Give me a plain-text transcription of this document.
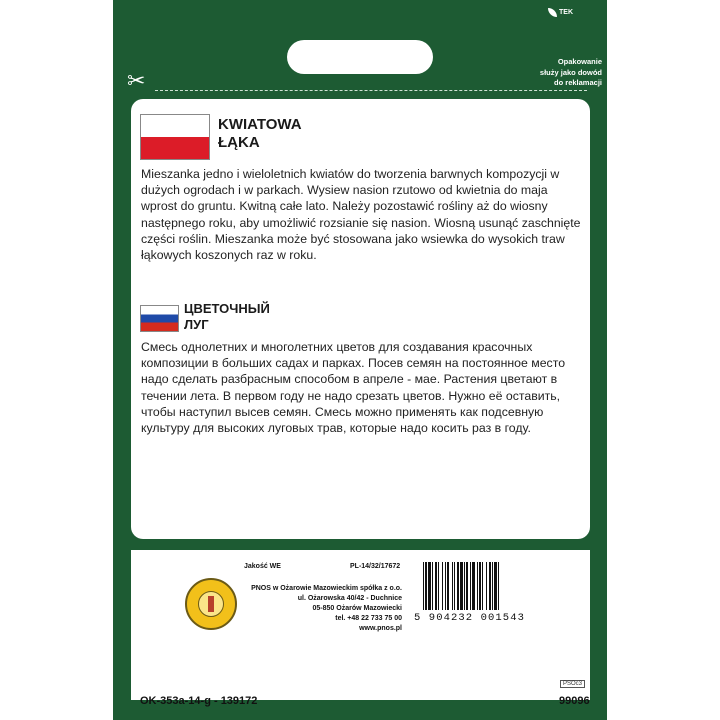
TEK
Opakowanie
służy jako dowód
do reklamacji
✂
KWIATOWA
ŁĄKA

Mieszanka jedno i wieloletnich kwiatów do tworzenia barwnych kompozycji w dużych ogrodach i w parkach. Wysiew nasion rzutowo od kwietnia do maja wprost do gruntu. Kwitną całe lato. Należy pozostawić rośliny aż do wiosny następnego roku, aby umożliwić rozsianie się nasion. Wiosną usunąć zaschnięte części roślin. Mieszanka może być stosowana jako wsiewka do wysokich traw łąkowych koszonych raz w roku.

ЦВЕТОЧНЫЙ
ЛУГ

Смесь однолетних и многолетних цветов для создавания красочных композиции в больших садах и парках. Посев семян на постоянное место надо сделать разбрасным способом в апреле - мае. Растения цветают в течении лета. В первом году не надо срезать цветов. Нужно её оставить, чтобы наступил высев семян. Смесь можно применять как подсевную культуру для высоких луговых трав, которые надо косить раз в году.

Jakość WE	PL-14/32/17672
PNOS w Ożarowie Mazowieckim spółka z o.o.
ul. Ożarowska 40/42 - Duchnice
05-850 Ożarów Mazowiecki
tel. +48 22 733 75 00
www.pnos.pl
5 904232 001543
PSOc3
OK-353a-14-g - 139172	99096
